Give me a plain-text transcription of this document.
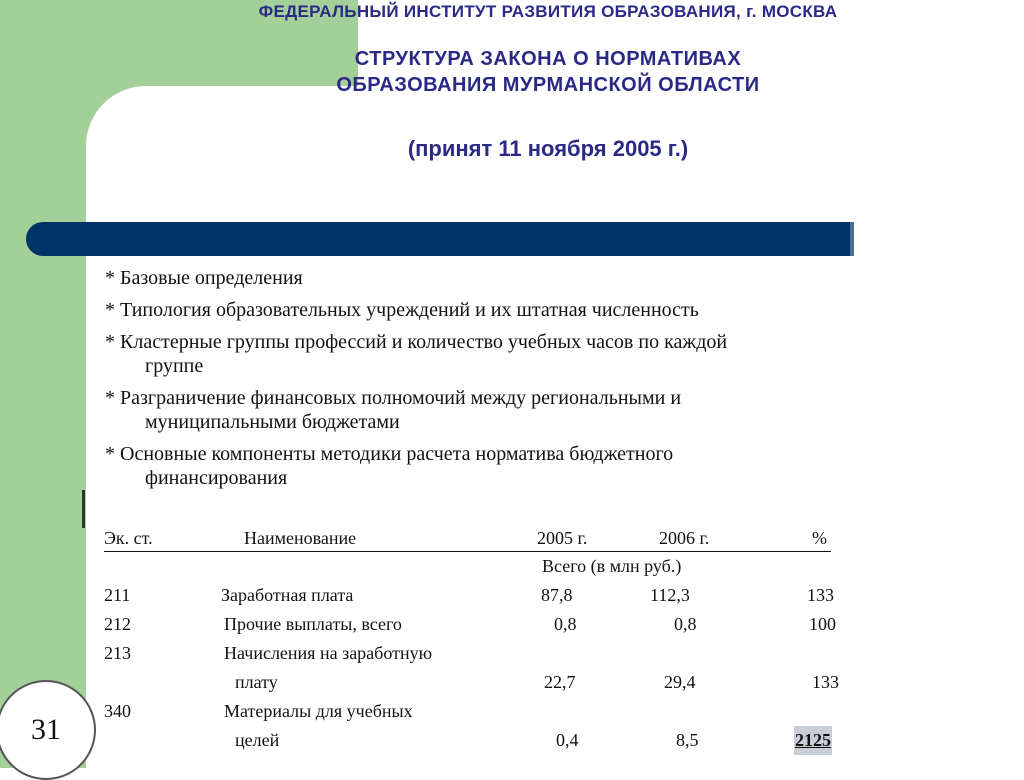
ФЕДЕРАЛЬНЫЙ ИНСТИТУТ РАЗВИТИЯ ОБРАЗОВАНИЯ, г. МОСКВА
СТРУКТУРА ЗАКОНА О НОРМАТИВАХ
ОБРАЗОВАНИЯ МУРМАНСКОЙ ОБЛАСТИ
(принят 11 ноября 2005 г.)
* Базовые определения
* Типология образовательных учреждений и их штатная численность
* Кластерные группы профессий и количество учебных часов по каждой
группе
* Разграничение финансовых полномочий между региональными и
муниципальными бюджетами
* Основные компоненты методики расчета норматива бюджетного
финансирования
Эк. ст.	Наименование	2005 г.	2006 г.	%
Всего (в млн руб.)
211	Заработная плата	87,8	112,3	133
212	Прочие выплаты, всего	0,8	0,8	100
213	Начисления на заработную
плату	22,7	29,4	133
340	Материалы для учебных
целей	0,4	8,5	2125
31
